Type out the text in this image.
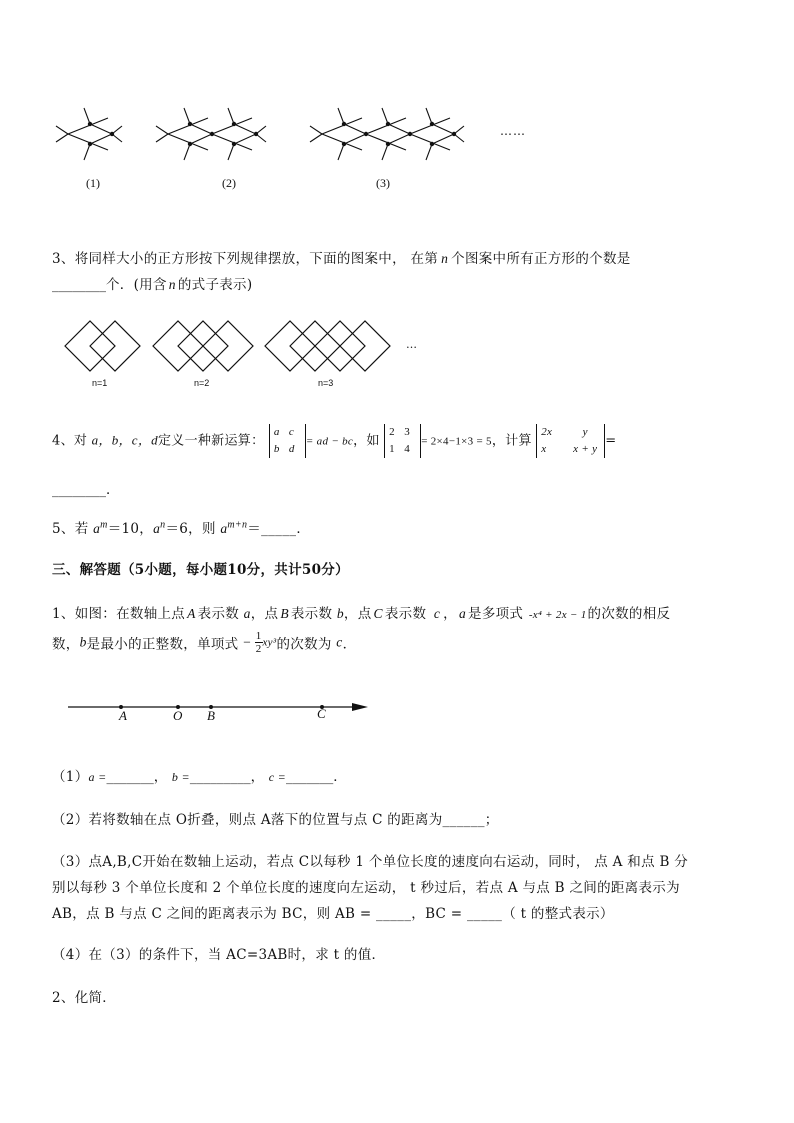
(1)	(2)	(3)
……
3、将同样大小的正方形按下列规律摆放，下面的图案中， 在第 n 个图案中所有正方形的个数是
________个．(用含 n 的式子表示)
n=1	n=2	n=3
…
4、对 a，b，c，d定义一种新运算： a c
b d= ad − bc，如 2 3
1 4= 2×4−1×3 = 5，计算 2x	y
x x + y=
________．
5、若 $a^m=10$，$a^n=6$，则 $a^{m+n}=\_\_\_\_\_$．
三、解答题（5小题，每小题10分，共计50分）
1、如图：在数轴上点 A 表示数 a，点 B 表示数 b，点 C 表示数 c ， a 是多项式 -x⁴ + 2x − 1的次数的相反
数，b是最小的正整数，单项式 − $\frac{1}{2} xy^3$的次数为 c．
A	O B	C
（1）a =_______， b =_________， c =_______．
（2）若将数轴在点 O折叠，则点 A落下的位置与点 C 的距离为______；
（3）点A,B,C开始在数轴上运动，若点 C以每秒 1 个单位长度的速度向右运动，同时， 点 A 和点 B 分
别以每秒 3 个单位长度和 2 个单位长度的速度向左运动， t 秒过后，若点 A 与点 B 之间的距离表示为
AB，点 B 与点 C 之间的距离表示为 BC，则 AB = _____，BC = _____（ t 的整式表示）
（4）在（3）的条件下，当 AC=3AB时，求 t 的值．
2、化简．
